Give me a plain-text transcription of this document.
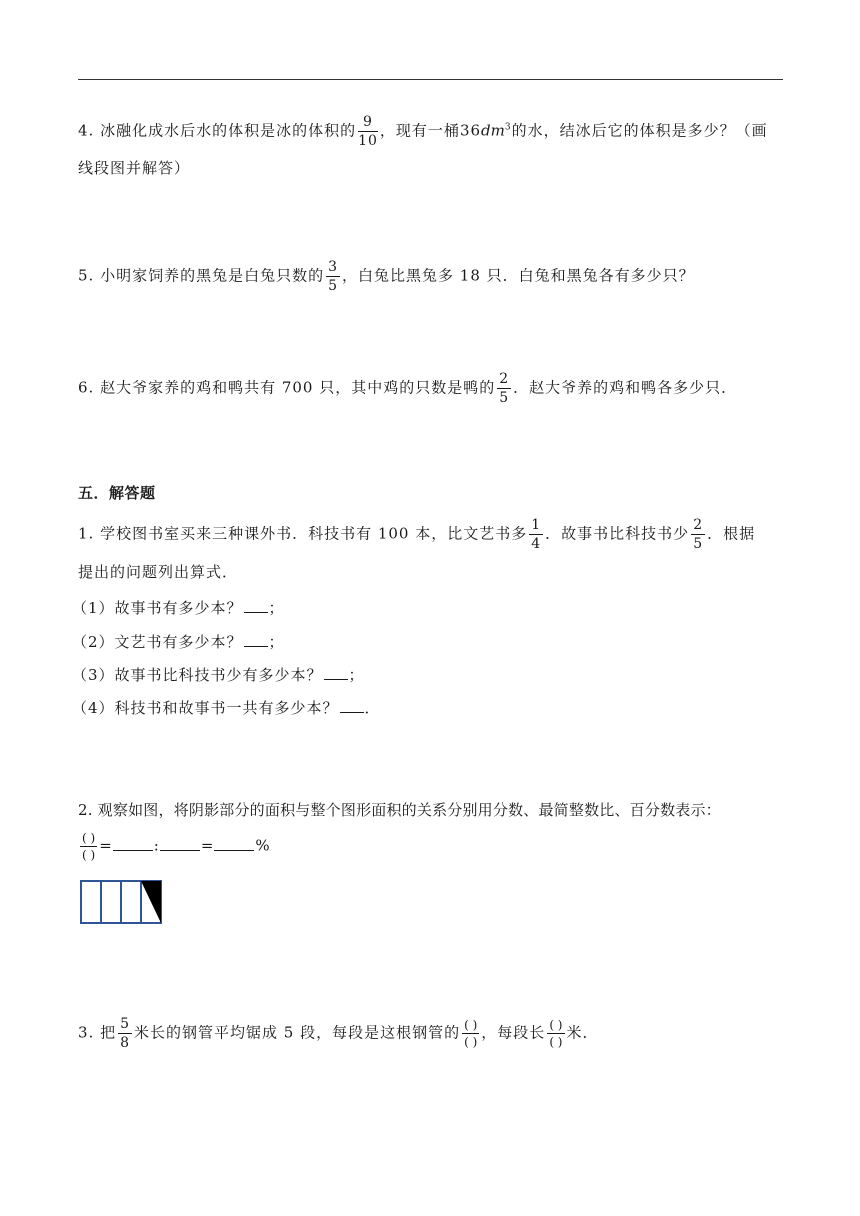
4. 冰融化成水后水的体积是冰的体积的 $\frac{9}{10}$ ，现有一桶$36dm^3$的水，结冰后它的体积是多少？（画
线段图并解答）
5. 小明家饲养的黑兔是白兔只数的 $\frac{3}{5}$ ，白兔比黑兔多 18 只．白兔和黑兔各有多少只？
6. 赵大爷家养的鸡和鸭共有 700 只，其中鸡的只数是鸭的 $\frac{2}{5}$ ．赵大爷养的鸡和鸭各多少只．
五．解答题
1. 学校图书室买来三种课外书．科技书有 100 本，比文艺书多 $\frac{1}{4}$ ．故事书比科技书少 $\frac{2}{5}$ ．根据
提出的问题列出算式．
（1）故事书有多少本？ ；
（2）文艺书有多少本？ ；
（3）故事书比科技书少有多少本？ ；
（4）科技书和故事书一共有多少本？ ．
2. 观察如图，将阴影部分的面积与整个图形面积的关系分别用分数、最简整数比、百分数表示：
$\frac{( )}{( )}$ =	:	=	%
3. 把 $\frac{5}{8}$ 米长的钢管平均锯成 5 段，每段是这根钢管的 $\frac{( )}{( )}$ ，每段长 $\frac{( )}{( )}$ 米．
